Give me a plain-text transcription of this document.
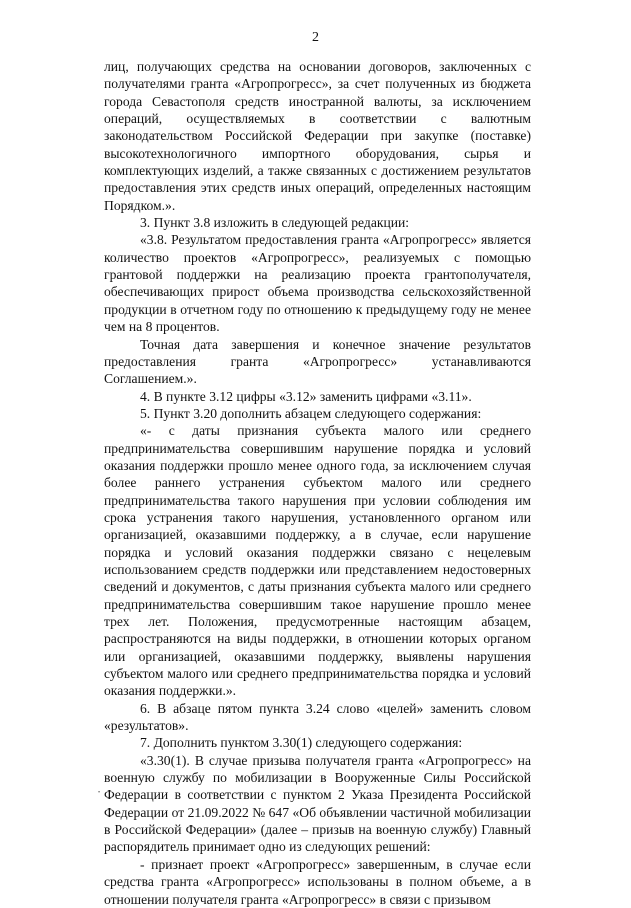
2

лиц, получающих средства на основании договоров, заключенных с получателями гранта «Агропрогресс», за счет полученных из бюджета города Севастополя средств иностранной валюты, за исключением операций, осуществляемых в соответствии с валютным законодательством Российской Федерации при закупке (поставке) высокотехнологичного импортного оборудования, сырья и комплектующих изделий, а также связанных с достижением результатов предоставления этих средств иных операций, определенных настоящим Порядком.».

3. Пункт 3.8 изложить в следующей редакции:

«3.8. Результатом предоставления гранта «Агропрогресс» является количество проектов «Агропрогресс», реализуемых с помощью грантовой поддержки на реализацию проекта грантополучателя, обеспечивающих прирост объема производства сельскохозяйственной продукции в отчетном году по отношению к предыдущему году не менее чем на 8 процентов.

Точная дата завершения и конечное значение результатов предоставления гранта «Агропрогресс» устанавливаются Соглашением.».

4. В пункте 3.12 цифры «3.12» заменить цифрами «3.11».

5. Пункт 3.20 дополнить абзацем следующего содержания:

«- с даты признания субъекта малого или среднего предпринимательства совершившим нарушение порядка и условий оказания поддержки прошло менее одного года, за исключением случая более раннего устранения субъектом малого или среднего предпринимательства такого нарушения при условии соблюдения им срока устранения такого нарушения, установленного органом или организацией, оказавшими поддержку, а в случае, если нарушение порядка и условий оказания поддержки связано с нецелевым использованием средств поддержки или представлением недостоверных сведений и документов, с даты признания субъекта малого или среднего предпринимательства совершившим такое нарушение прошло менее трех лет. Положения, предусмотренные настоящим абзацем, распространяются на виды поддержки, в отношении которых органом или организацией, оказавшими поддержку, выявлены нарушения субъектом малого или среднего предпринимательства порядка и условий оказания поддержки.».

6. В абзаце пятом пункта 3.24 слово «целей» заменить словом «результатов».

7. Дополнить пунктом 3.30(1) следующего содержания:

«3.30(1). В случае призыва получателя гранта «Агропрогресс» на военную службу по мобилизации в Вооруженные Силы Российской Федерации в соответствии с пунктом 2 Указа Президента Российской Федерации от 21.09.2022 № 647 «Об объявлении частичной мобилизации в Российской Федерации» (далее – призыв на военную службу) Главный распорядитель принимает одно из следующих решений:

- признает проект «Агропрогресс» завершенным, в случае если средства гранта «Агропрогресс» использованы в полном объеме, а в отношении получателя гранта «Агропрогресс» в связи с призывом

•
